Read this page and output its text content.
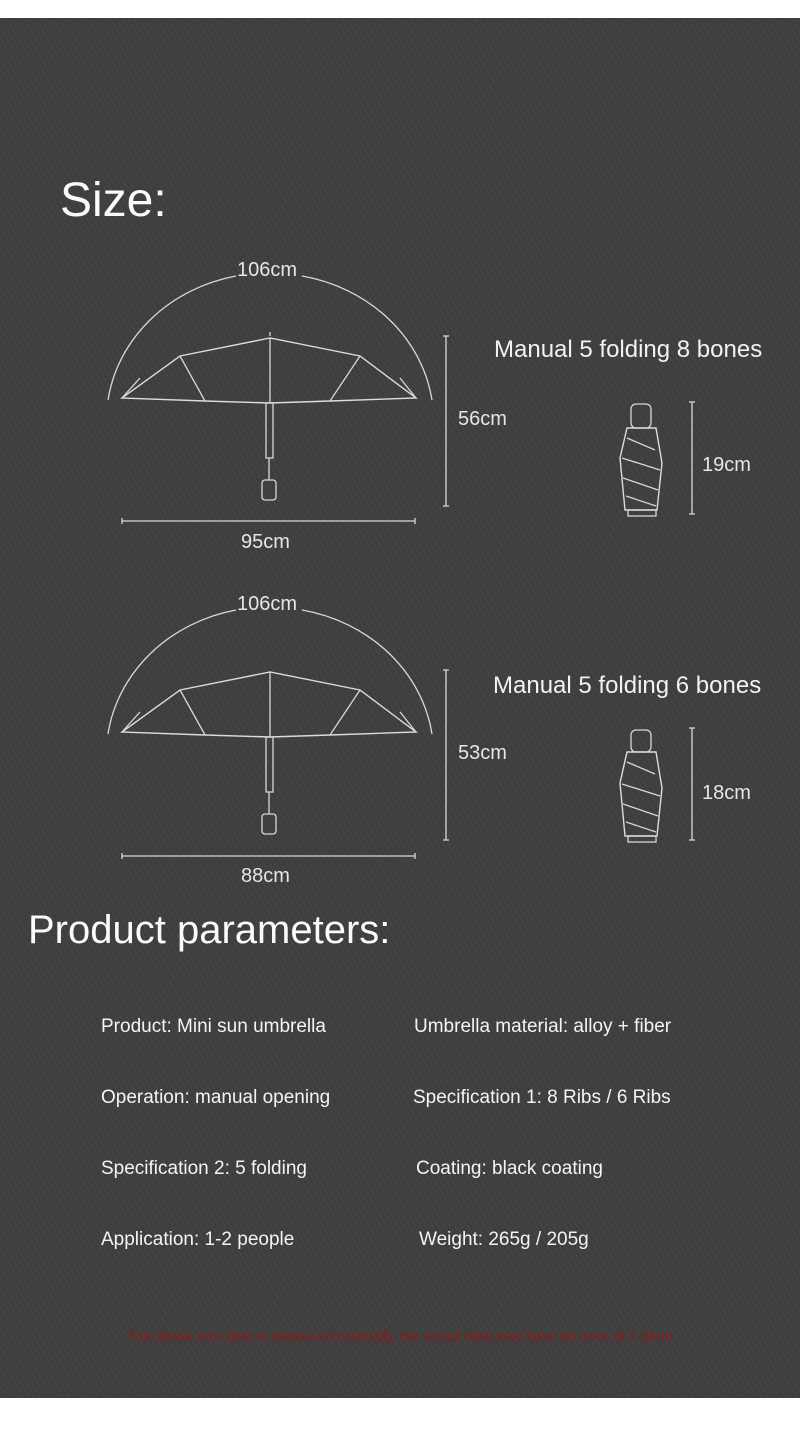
Size:
106cm
56cm
95cm
Manual 5 folding 8 bones
19cm
106cm
53cm
88cm
Manual 5 folding 6 bones
18cm
Product parameters:
Product: Mini sun umbrella	Umbrella material: alloy + fiber
Operation: manual opening	Specification 1: 8 Ribs / 6 Ribs
Specification 2: 5 folding	Coating: black coating
Application: 1-2 people	Weight: 265g / 205g
The above size data is measured manually, the actual data may have an error of 1-3mm
